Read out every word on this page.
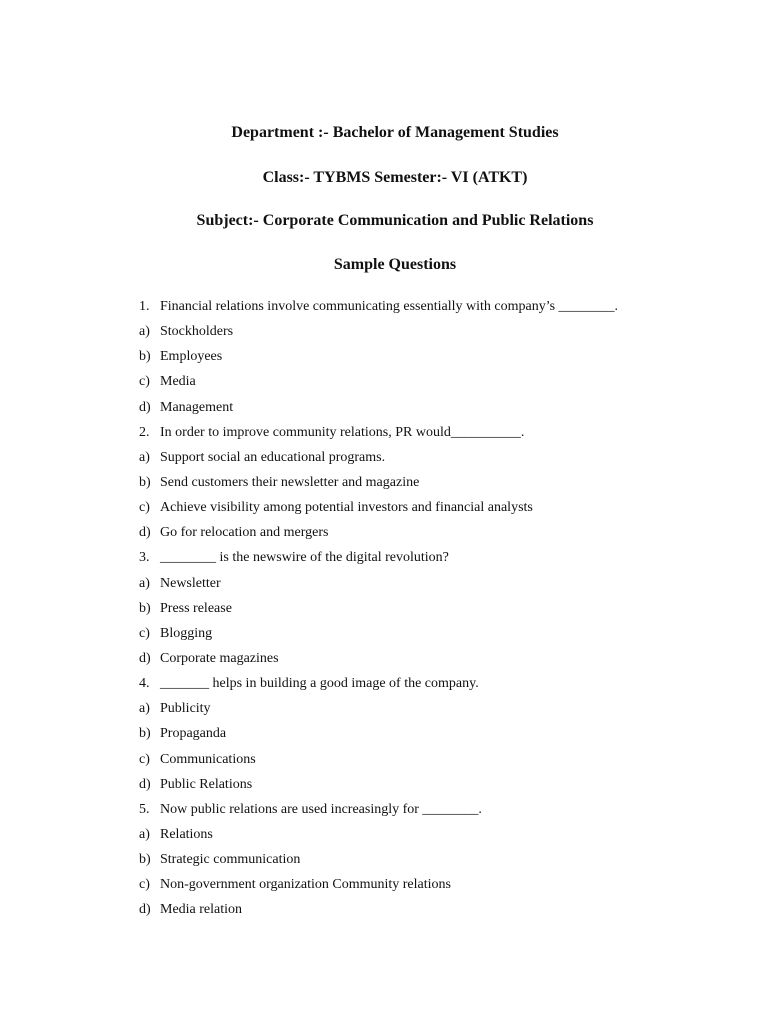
Department :- Bachelor of Management Studies
Class:- TYBMS Semester:- VI (ATKT)
Subject:- Corporate Communication and Public Relations
Sample Questions
1. Financial relations involve communicating essentially with company’s ________.
a) Stockholders
b) Employees
c) Media
d) Management
2. In order to improve community relations, PR would__________.
a) Support social an educational programs.
b) Send customers their newsletter and magazine
c) Achieve visibility among potential investors and financial analysts
d) Go for relocation and mergers
3. ________ is the newswire of the digital revolution?
a) Newsletter
b) Press release
c) Blogging
d) Corporate magazines
4. _______ helps in building a good image of the company.
a) Publicity
b) Propaganda
c) Communications
d) Public Relations
5. Now public relations are used increasingly for ________.
a) Relations
b) Strategic communication
c) Non-government organization Community relations
d) Media relation
